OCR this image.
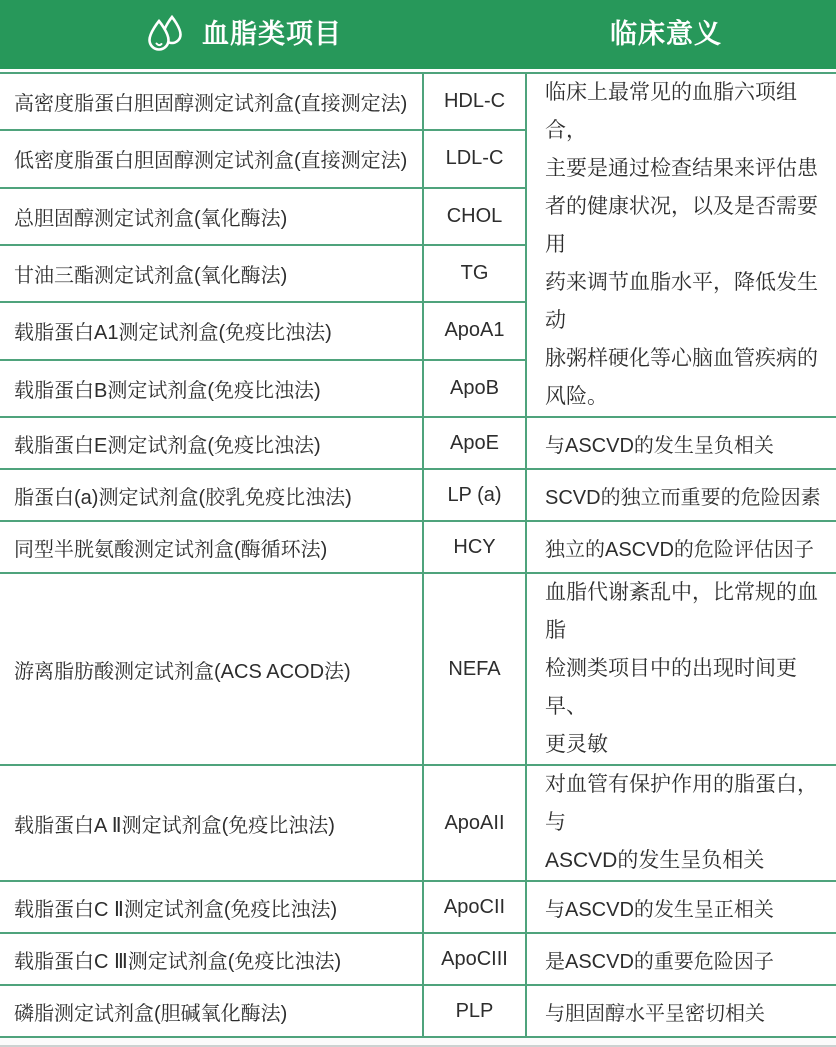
血脂类项目	临床意义
高密度脂蛋白胆固醇测定试剂盒(直接测定法)	HDL-C	临床上最常见的血脂六项组合，
主要是通过检查结果来评估患
者的健康状况，以及是否需要用
药来调节血脂水平，降低发生动
脉粥样硬化等心脑血管疾病的
风险。

低密度脂蛋白胆固醇测定试剂盒(直接测定法)	LDL-C	
总胆固醇测定试剂盒(氧化酶法)	CHOL	
甘油三酯测定试剂盒(氧化酶法)	TG	
载脂蛋白A1测定试剂盒(免疫比浊法)	ApoA1	
载脂蛋白B测定试剂盒(免疫比浊法)	ApoB	
载脂蛋白E测定试剂盒(免疫比浊法)	ApoE	与ASCVD的发生呈负相关
脂蛋白(a)测定试剂盒(胶乳免疫比浊法)	LP (a)	SCVD的独立而重要的危险因素
同型半胱氨酸测定试剂盒(酶循环法)	HCY	独立的ASCVD的危险评估因子
游离脂肪酸测定试剂盒(ACS ACOD法)	NEFA	血脂代谢紊乱中，比常规的血脂
检测类项目中的出现时间更早、
更灵敏

载脂蛋白A Ⅱ测定试剂盒(免疫比浊法)	ApoAII	对血管有保护作用的脂蛋白，与
ASCVD的发生呈负相关

载脂蛋白C Ⅱ测定试剂盒(免疫比浊法)	ApoCII	与ASCVD的发生呈正相关
载脂蛋白C Ⅲ测定试剂盒(免疫比浊法)	ApoCIII	是ASCVD的重要危险因子
磷脂测定试剂盒(胆碱氧化酶法)	PLP	与胆固醇水平呈密切相关
